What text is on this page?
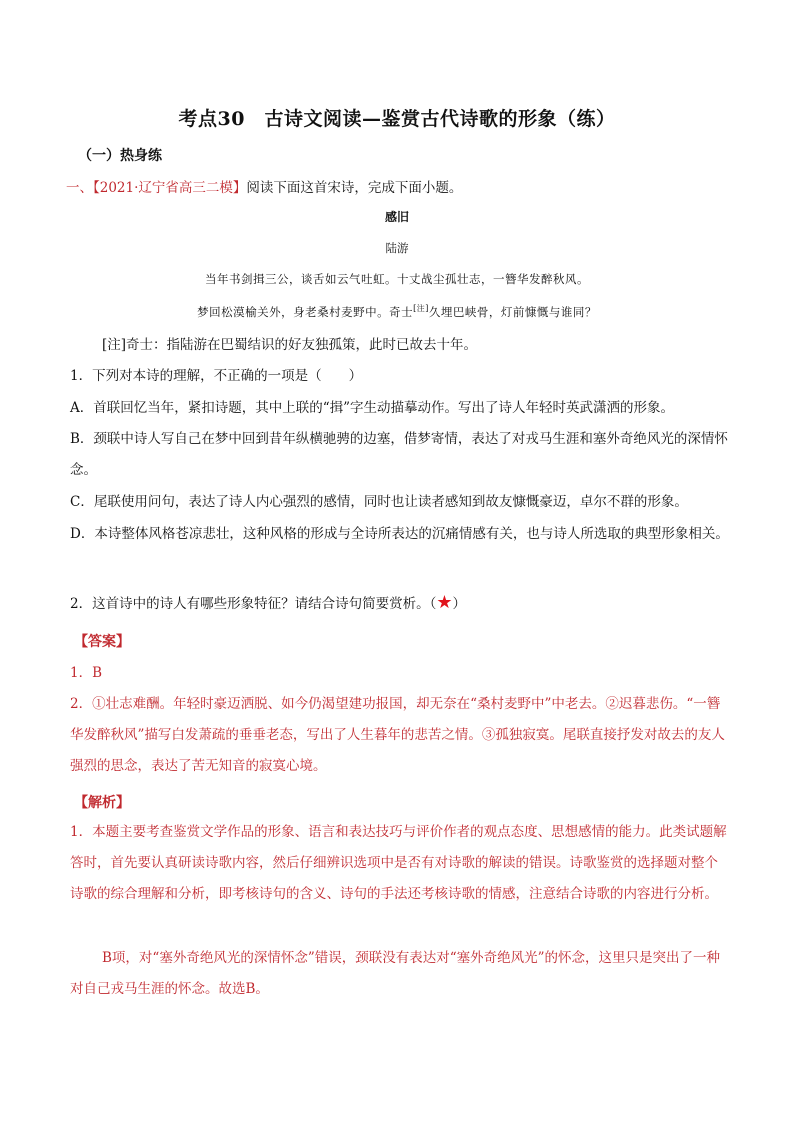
考点30　古诗文阅读—鉴赏古代诗歌的形象（练）
（一）热身练
一、【2021·辽宁省高三二模】阅读下面这首宋诗，完成下面小题。
感旧
陆游
当年书剑揖三公，谈舌如云气吐虹。十丈战尘孤壮志，一簪华发醉秋风。
梦回松漠榆关外，身老桑村麦野中。奇士[注]久埋巴峡骨，灯前慷慨与谁同？
[注]奇士：指陆游在巴蜀结识的好友独孤策，此时已故去十年。
1．下列对本诗的理解，不正确的一项是（　　）
A．首联回忆当年，紧扣诗题，其中上联的“揖”字生动描摹动作。写出了诗人年轻时英武潇洒的形象。
B．颈联中诗人写自己在梦中回到昔年纵横驰骋的边塞，借梦寄情，表达了对戎马生涯和塞外奇绝风光的深情怀念。
C．尾联使用问句，表达了诗人内心强烈的感情，同时也让读者感知到故友慷慨豪迈，卓尔不群的形象。
D．本诗整体风格苍凉悲壮，这种风格的形成与全诗所表达的沉痛情感有关，也与诗人所选取的典型形象相关。
2．这首诗中的诗人有哪些形象特征？请结合诗句简要赏析。（★）
【答案】
1．B
2．①壮志难酬。年轻时豪迈洒脱、如今仍渴望建功报国，却无奈在“桑村麦野中”中老去。②迟暮悲伤。“一簪华发醉秋风”描写白发萧疏的垂垂老态，写出了人生暮年的悲苦之情。③孤独寂寞。尾联直接抒发对故去的友人强烈的思念，表达了苦无知音的寂寞心境。
【解析】
1．本题主要考查鉴赏文学作品的形象、语言和表达技巧与评价作者的观点态度、思想感情的能力。此类试题解答时，首先要认真研读诗歌内容，然后仔细辨识选项中是否有对诗歌的解读的错误。诗歌鉴赏的选择题对整个诗歌的综合理解和分析，即考核诗句的含义、诗句的手法还考核诗歌的情感，注意结合诗歌的内容进行分析。
B项，对“塞外奇绝风光的深情怀念”错误，颈联没有表达对“塞外奇绝风光”的怀念，这里只是突出了一种对自己戎马生涯的怀念。故选B。
